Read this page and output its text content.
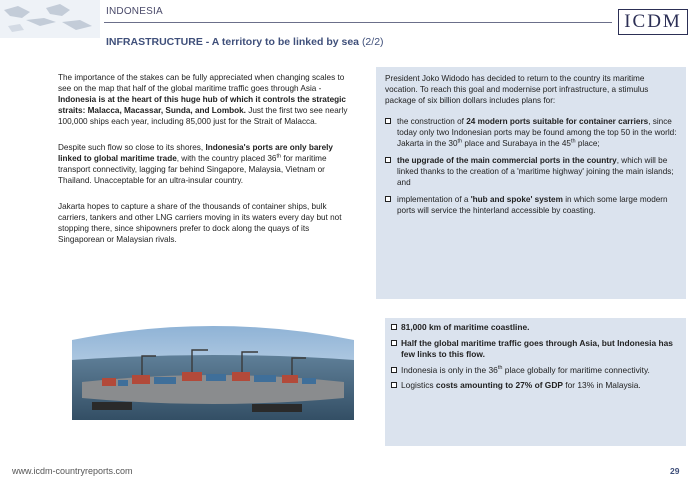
INDONESIA	ICDM
INFRASTRUCTURE - A territory to be linked by sea (2/2)

The importance of the stakes can be fully appreciated when changing scales to see on the map that half of the global maritime traffic goes through Asia - Indonesia is at the heart of this huge hub of which it controls the strategic straits: Malacca, Macassar, Sunda, and Lombok. Just the first two see nearly 100,000 ships each year, including 85,000 just for the Strait of Malacca.

Despite such flow so close to its shores, Indonesia's ports are only barely linked to global maritime trade, with the country placed 36th for maritime transport connectivity, lagging far behind Singapore, Malaysia, Vietnam or Thailand. Unacceptable for an ultra-insular country.

Jakarta hopes to capture a share of the thousands of container ships, bulk carriers, tankers and other LNG carriers moving in its waters every day but not stopping there, since shipowners prefer to dock along the quays of its Singaporean or Malaysian rivals.

President Joko Widodo has decided to return to the country its maritime vocation. To reach this goal and modernise port infrastructure, a stimulus package of six billion dollars includes plans for:

the construction of 24 modern ports suitable for container carriers, since today only two Indonesian ports may be found among the top 50 in the world: Jakarta in the 30th place and Surabaya in the 45th place;
the upgrade of the main commercial ports in the country, which will be linked thanks to the creation of a 'maritime highway' joining the main islands; and
implementation of a 'hub and spoke' system in which some large modern ports will service the hinterland accessible by coasting.
81,000 km of maritime coastline.
Half the global maritime traffic goes through Asia, but Indonesia has few links to this flow.
Indonesia is only in the 36th place globally for maritime connectivity.
Logistics costs amounting to 27% of GDP for 13% in Malaysia.
www.icdm-countryreports.com	29
